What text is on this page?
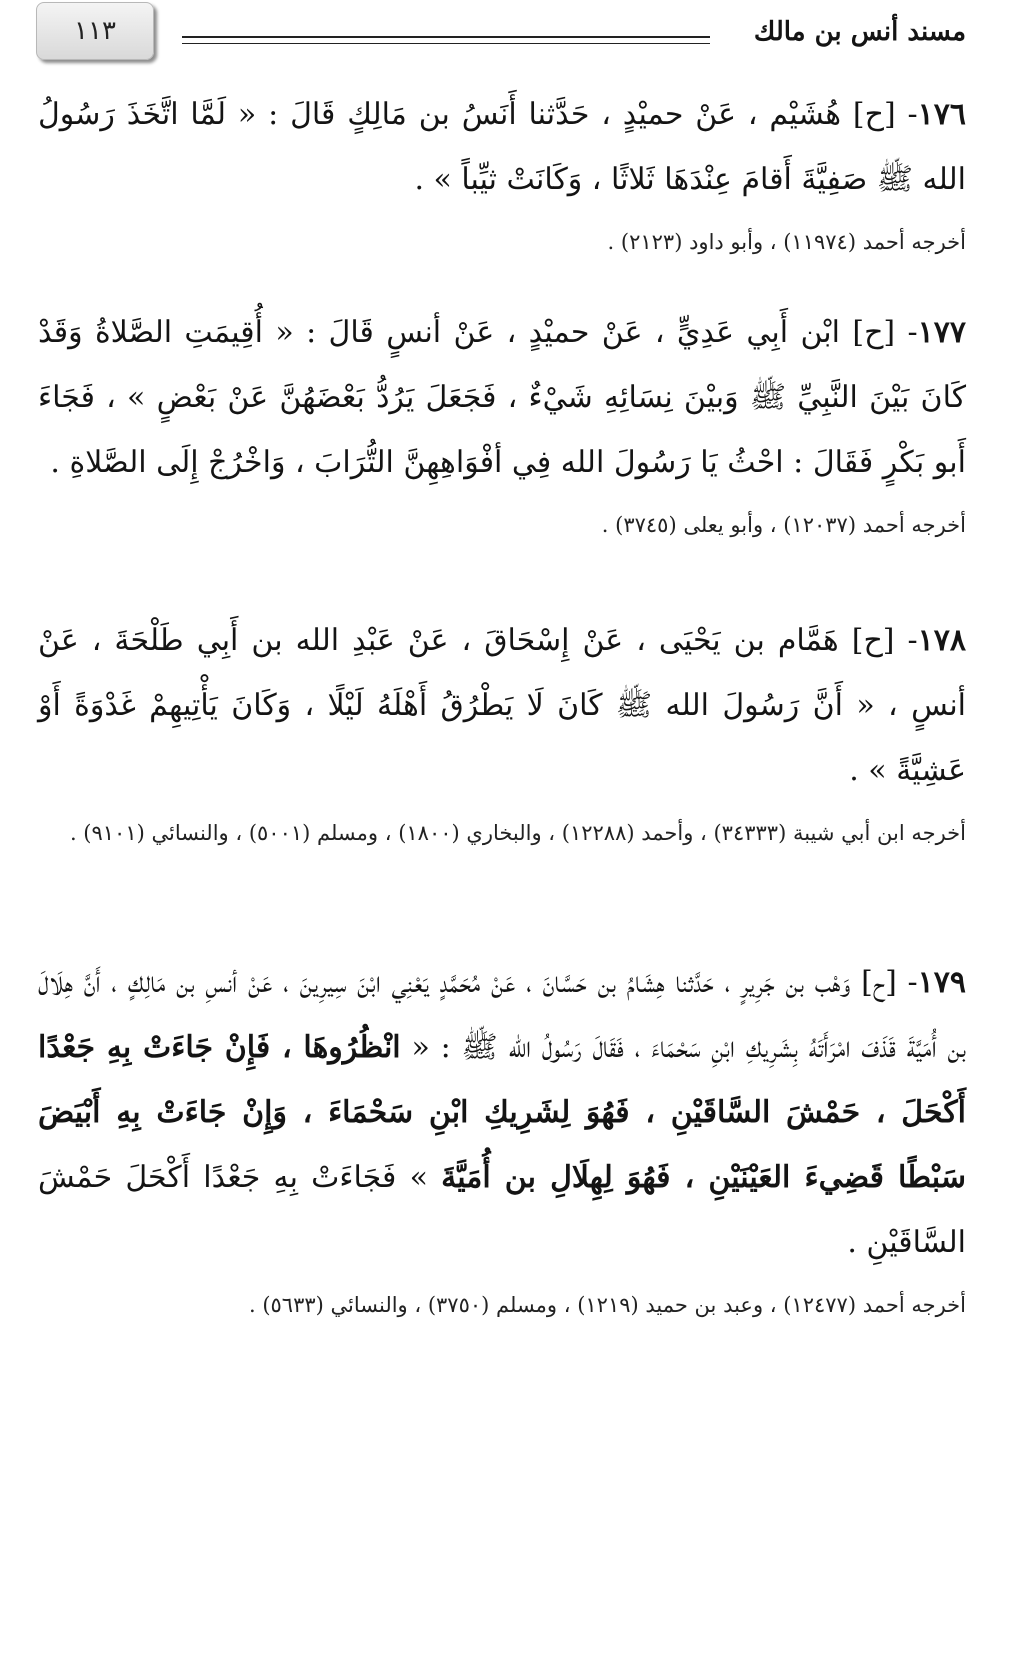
١١٣	مسند أنس بن مالك

١٧٦- [ح] هُشَيْم ، عَنْ حميْدٍ ، حَدَّثنا أَنَسُ بن مَالِكٍ قَالَ : « لَمَّا اتَّخَذَ رَسُولُ الله ﷺ صَفِيَّةَ أَقامَ عِنْدَهَا ثَلاثًا ، وَكَانَتْ ثيِّباً » .

أخرجه أحمد (١١٩٧٤) ، وأبو داود (٢١٢٣) .

١٧٧- [ح] ابْن أَبِي عَدِيٍّ ، عَنْ حميْدٍ ، عَنْ أنسٍ قَالَ : « أُقِيمَتِ الصَّلاةُ وَقَدْ كَانَ بَيْنَ النَّبِيِّ ﷺ وَبيْنَ نِسَائِهِ شَيْءٌ ، فَجَعَلَ يَرُدُّ بَعْضَهُنَّ عَنْ بَعْضٍ » ، فَجَاءَ أَبو بَكْرٍ فَقَالَ : احْثُ يَا رَسُولَ الله فِي أفْوَاهِهِنَّ التُّرَابَ ، وَاخْرُجْ إِلَى الصَّلاةِ .

أخرجه أحمد (١٢٠٣٧) ، وأبو يعلى (٣٧٤٥) .

١٧٨- [ح] هَمَّام بن يَحْيَى ، عَنْ إِسْحَاقَ ، عَنْ عَبْدِ الله بن أَبِي طَلْحَةَ ، عَنْ أنسٍ ، « أَنَّ رَسُولَ الله ﷺ كَانَ لَا يَطْرُقُ أَهْلَهُ لَيْلًا ، وَكَانَ يَأْتِيهِمْ غَدْوَةً أَوْ عَشِيَّةً » .

أخرجه ابن أبي شيبة (٣٤٣٣٣) ، وأحمد (١٢٢٨٨) ، والبخاري (١٨٠٠) ، ومسلم (٥٠٠١) ، والنسائي (٩١٠١) .

١٧٩- [ح] وَهْب بن جَرِيرٍ ، حَدَّثنا هِشَامُ بن حَسَّانَ ، عَنْ مُحَمَّدٍ يَعْنِي ابْنَ سِيرِينَ ، عَنْ أنسِ بن مَالِكٍ ، أَنَّ هِلَالَ بن أُمَيَّةَ قَذَفَ امْرَأَتَهُ بِشَرِيكِ ابْنِ سَحْمَاءَ ، فَقَالَ رَسُولُ الله ﷺ : « انْظُرُوهَا ، فَإِنْ جَاءَتْ بِهِ جَعْدًا أَكْحَلَ ، حَمْشَ السَّاقَيْنِ ، فَهُوَ لِشَرِيكِ ابْنِ سَحْمَاءَ ، وَإِنْ جَاءَتْ بِهِ أَبْيَضَ سَبْطًا قَضِيءَ العَيْنَيْنِ ، فَهُوَ لِهِلَالِ بن أُمَيَّةَ » فَجَاءَتْ بِهِ جَعْدًا أَكْحَلَ حَمْشَ السَّاقَيْنِ .

أخرجه أحمد (١٢٤٧٧) ، وعبد بن حميد (١٢١٩) ، ومسلم (٣٧٥٠) ، والنسائي (٥٦٣٣) .
